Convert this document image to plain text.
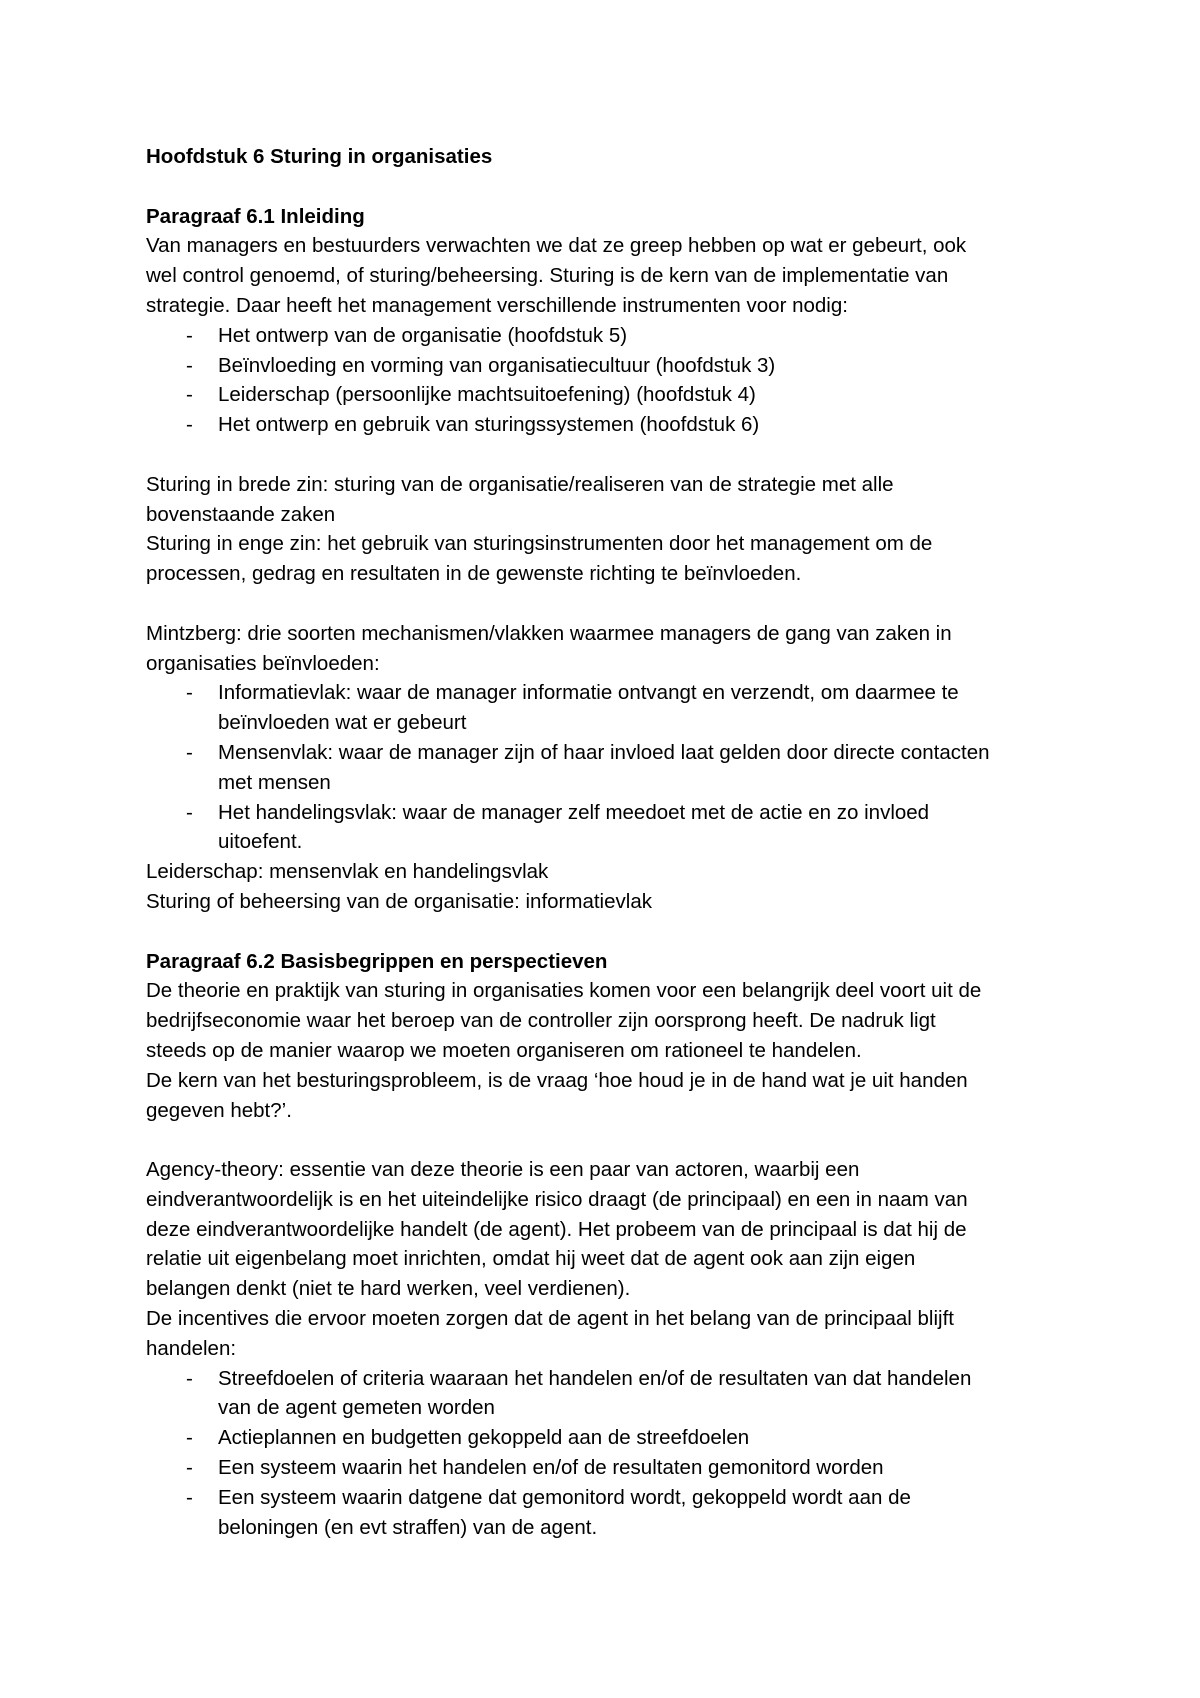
Hoofdstuk 6 Sturing in organisaties
Paragraaf 6.1 Inleiding
Van managers en bestuurders verwachten we dat ze greep hebben op wat er gebeurt, ook
wel control genoemd, of sturing/beheersing. Sturing is de kern van de implementatie van
strategie. Daar heeft het management verschillende instrumenten voor nodig:
- Het ontwerp van de organisatie (hoofdstuk 5)
- Beïnvloeding en vorming van organisatiecultuur (hoofdstuk 3)
- Leiderschap (persoonlijke machtsuitoefening) (hoofdstuk 4)
- Het ontwerp en gebruik van sturingssystemen (hoofdstuk 6)
Sturing in brede zin: sturing van de organisatie/realiseren van de strategie met alle
bovenstaande zaken
Sturing in enge zin: het gebruik van sturingsinstrumenten door het management om de
processen, gedrag en resultaten in de gewenste richting te beïnvloeden.
Mintzberg: drie soorten mechanismen/vlakken waarmee managers de gang van zaken in
organisaties beïnvloeden:
- Informatievlak: waar de manager informatie ontvangt en verzendt, om daarmee te
beïnvloeden wat er gebeurt
- Mensenvlak: waar de manager zijn of haar invloed laat gelden door directe contacten
met mensen
- Het handelingsvlak: waar de manager zelf meedoet met de actie en zo invloed
uitoefent.
Leiderschap: mensenvlak en handelingsvlak
Sturing of beheersing van de organisatie: informatievlak
Paragraaf 6.2 Basisbegrippen en perspectieven
De theorie en praktijk van sturing in organisaties komen voor een belangrijk deel voort uit de
bedrijfseconomie waar het beroep van de controller zijn oorsprong heeft. De nadruk ligt
steeds op de manier waarop we moeten organiseren om rationeel te handelen.
De kern van het besturingsprobleem, is de vraag ‘hoe houd je in de hand wat je uit handen
gegeven hebt?’.
Agency-theory: essentie van deze theorie is een paar van actoren, waarbij een
eindverantwoordelijk is en het uiteindelijke risico draagt (de principaal) en een in naam van
deze eindverantwoordelijke handelt (de agent). Het probeem van de principaal is dat hij de
relatie uit eigenbelang moet inrichten, omdat hij weet dat de agent ook aan zijn eigen
belangen denkt (niet te hard werken, veel verdienen).
De incentives die ervoor moeten zorgen dat de agent in het belang van de principaal blijft
handelen:
- Streefdoelen of criteria waaraan het handelen en/of de resultaten van dat handelen
van de agent gemeten worden
- Actieplannen en budgetten gekoppeld aan de streefdoelen
- Een systeem waarin het handelen en/of de resultaten gemonitord worden
- Een systeem waarin datgene dat gemonitord wordt, gekoppeld wordt aan de
beloningen (en evt straffen) van de agent.
